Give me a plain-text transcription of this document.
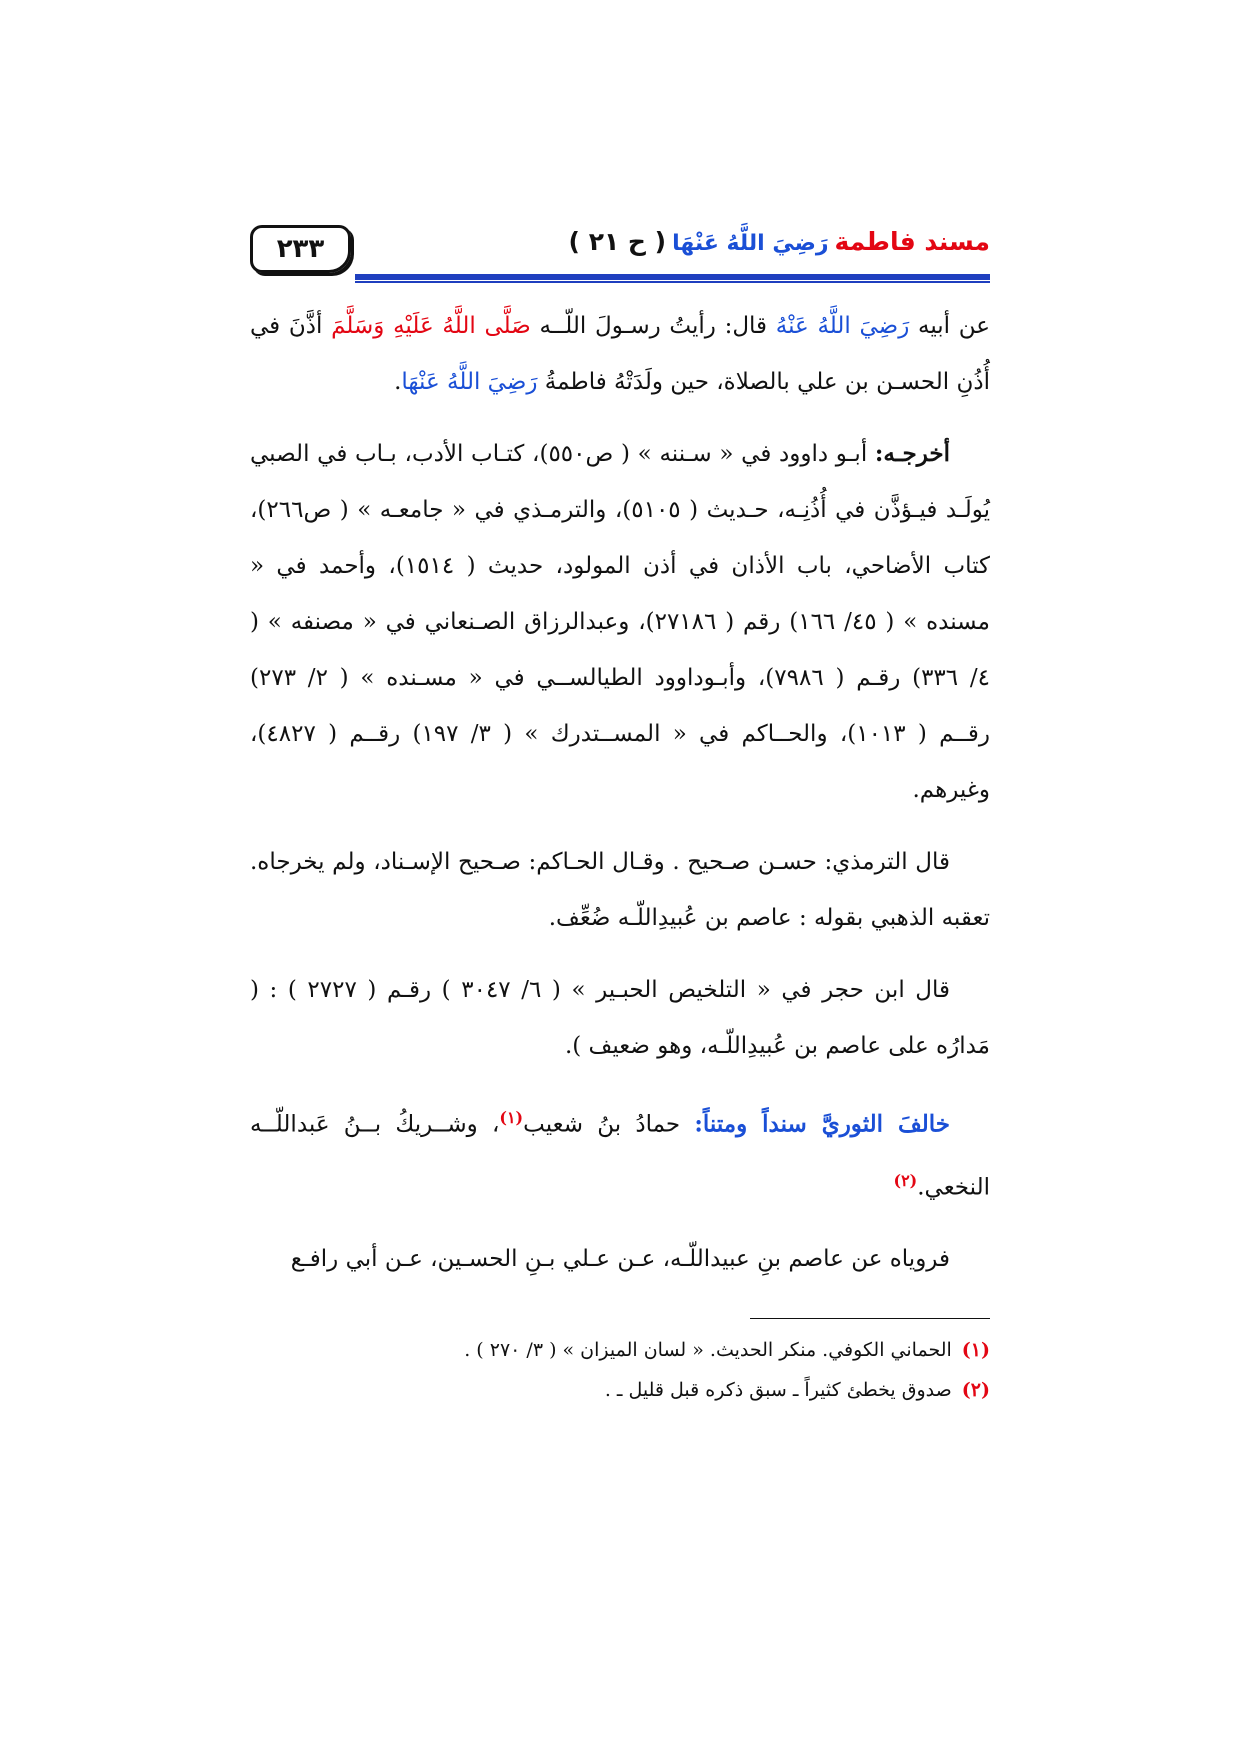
٢٣٣	مسند فاطمةرَضِيَ اللَّهُ عَنْهَا( ح ٢١ )

عن أبيه رَضِيَ اللَّهُ عَنْهُ قال: رأيتُ رسـولَ اللّــه صَلَّى اللَّهُ عَلَيْهِ وَسَلَّمَ أذَّنَ في أُذُنِ الحسـن بن علي بالصلاة، حين ولَدَتْهُ فاطمةُ رَضِيَ اللَّهُ عَنْهَا.

أخرجـه: أبـو داوود في « سـننه » ( ص٥٥٠)، كتـاب الأدب، بـاب في الصبي يُولَـد فيـؤذَّن في أُذُنِـه، حـديث ( ٥١٠٥)، والترمـذي في « جامعـه » ( ص٢٦٦)، كتاب الأضاحي، باب الأذان في أذن المولود، حديث ( ١٥١٤)، وأحمد في « مسنده » ( ٤٥/ ١٦٦) رقم ( ٢٧١٨٦)، وعبدالرزاق الصـنعاني في « مصنفه » ( ٤/ ٣٣٦) رقـم ( ٧٩٨٦)، وأبـوداوود الطيالســي في « مسـنده » ( ٢/ ٢٧٣) رقــم ( ١٠١٣)، والحــاكم في « المســتدرك » ( ٣/ ١٩٧) رقــم ( ٤٨٢٧)، وغيرهم.

قال الترمذي: حسـن صـحيح . وقـال الحـاكم: صـحيح الإسـناد، ولم يخرجاه. تعقبه الذهبي بقوله : عاصم بن عُبيدِاللّـه ضُعِّف.

قال ابن حجر في « التلخيص الحبـير » ( ٦/ ٣٠٤٧ ) رقـم ( ٢٧٢٧ ) : ( مَدارُه على عاصم بن عُبيدِاللّـه، وهو ضعيف ).

خالفَ الثوريَّ سنداً ومتناً: حمادُ بنُ شعيب$^{(١)}$، وشــريكُ بــنُ عَبداللّــه النخعي.$^{(٢)}$

فروياه عن عاصم بنِ عبيداللّـه، عـن عـلي بـنِ الحسـين، عـن أبي رافـع

(١)الحماني الكوفي. منكر الحديث. « لسان الميزان » ( ٣/ ٢٧٠ ) .

(٢)صدوق يخطئ كثيراً ـ سبق ذكره قبل قليل ـ .
